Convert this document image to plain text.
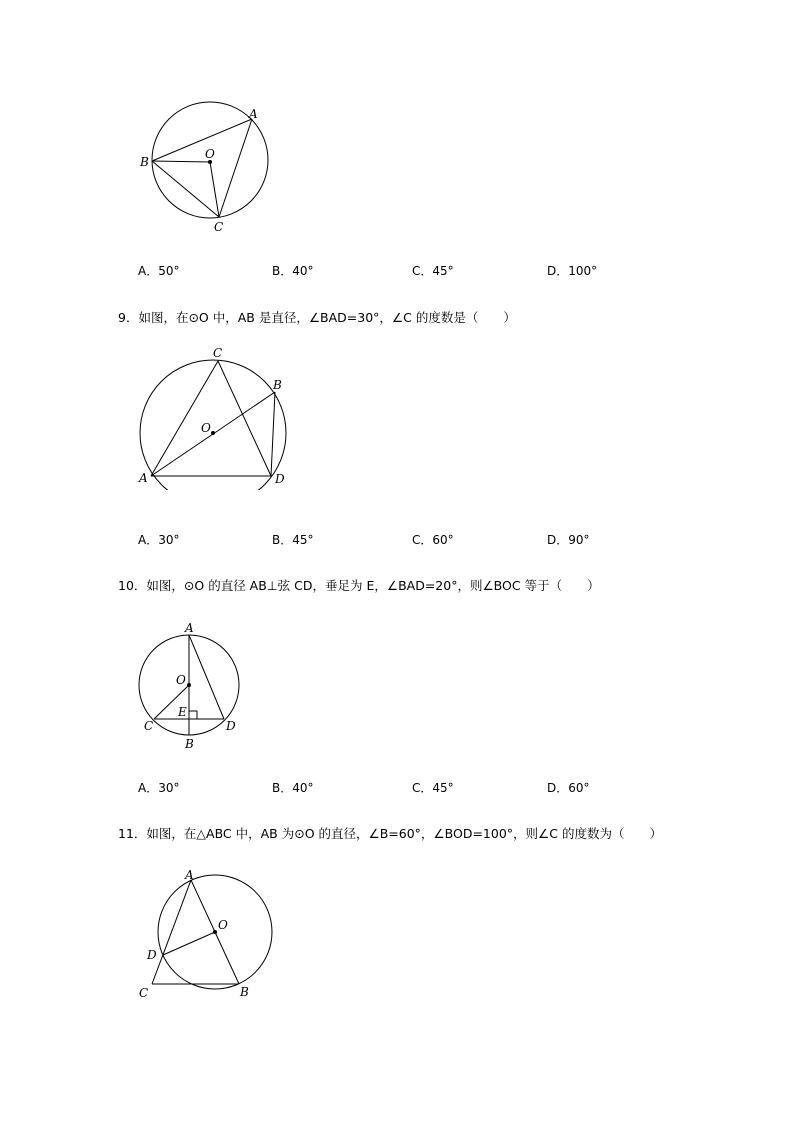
A
B
C
O
A．50°	B．40°	C．45°	D．100°
9．如图，在⊙O 中，AB 是直径，∠BAD=30°，∠C 的度数是（　　）
C
B
O
A	D
A．30°	B．45°	C．60°	D．90°
10．如图，⊙O 的直径 AB⊥弦 CD，垂足为 E，∠BAD=20°，则∠BOC 等于（　　）
A
O
E
C	D
B
A．30°	B．40°	C．45°	D．60°
11．如图，在△ABC 中，AB 为⊙O 的直径，∠B=60°，∠BOD=100°，则∠C 的度数为（　　）
A
O
D
C	B
